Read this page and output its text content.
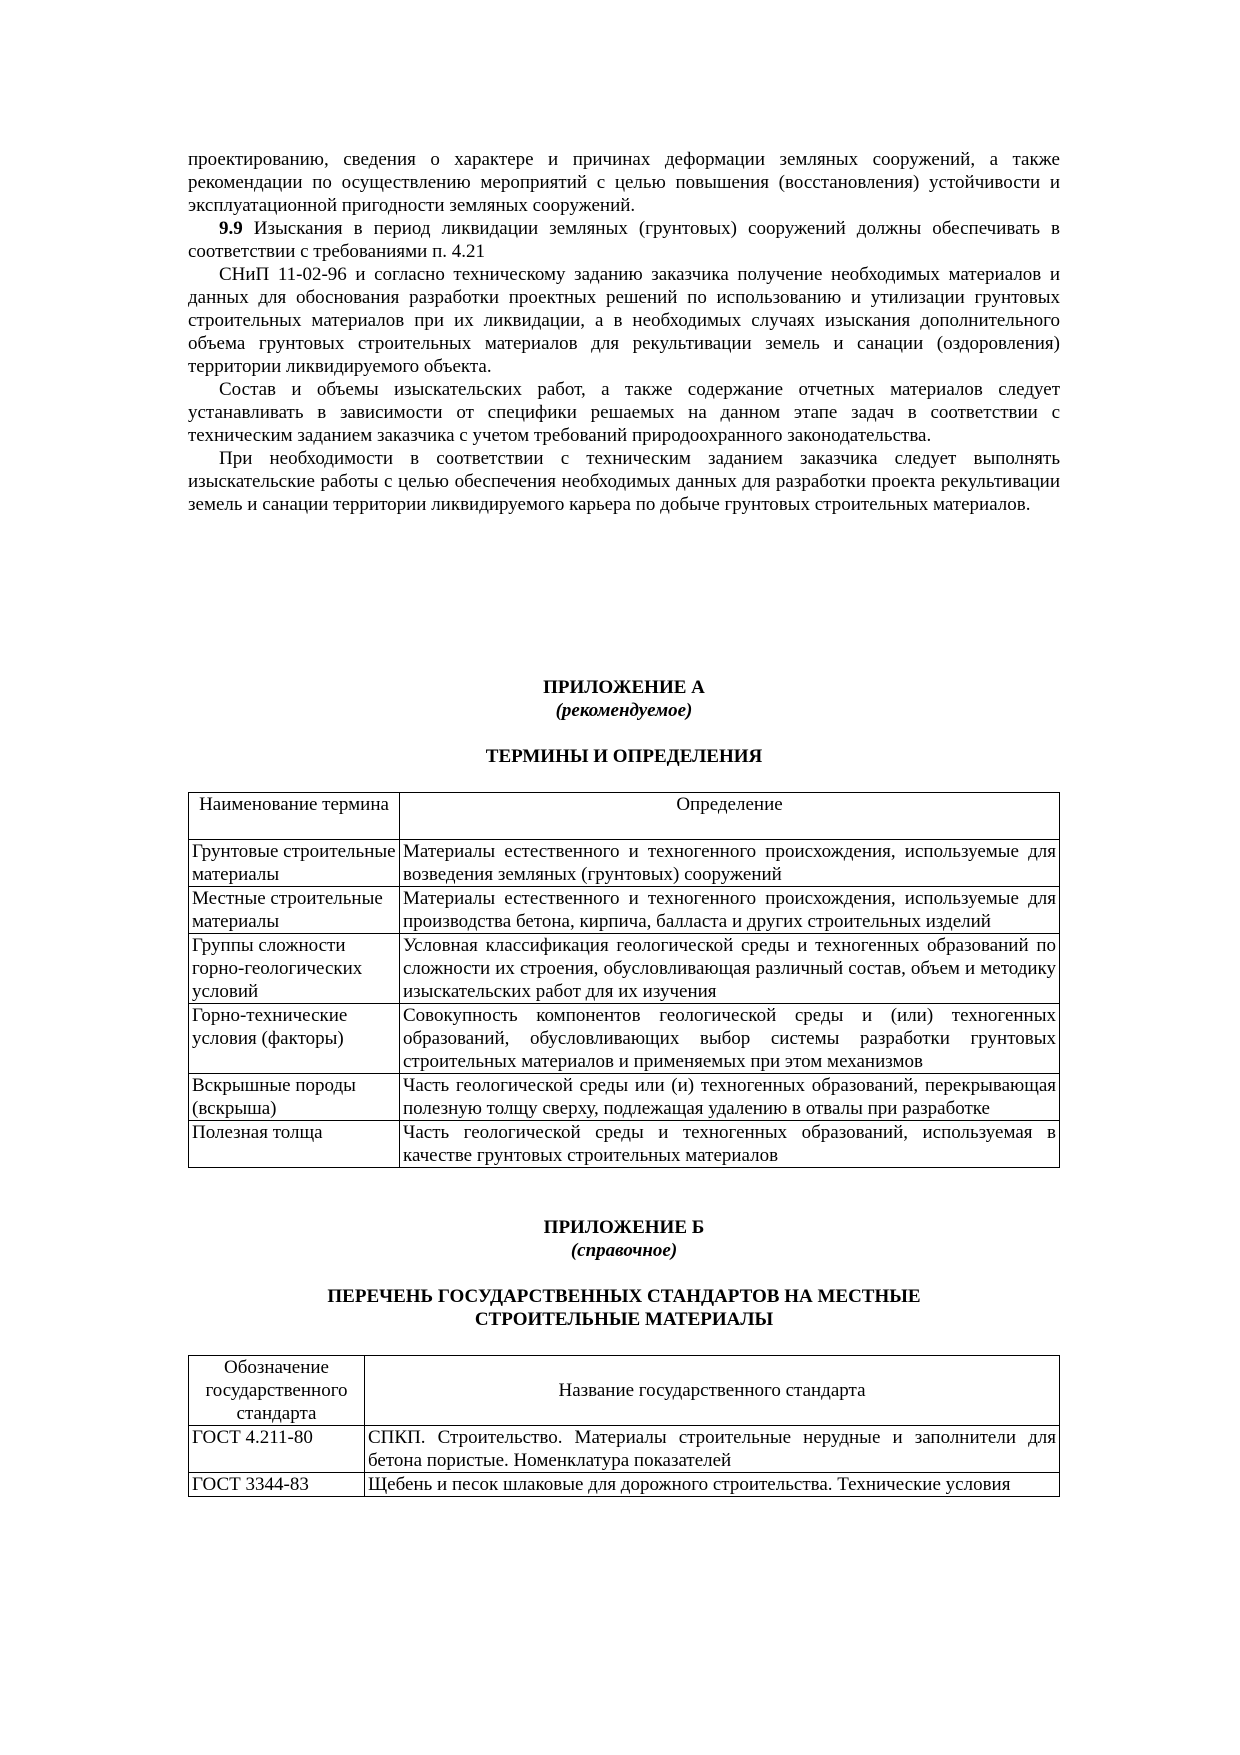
проектированию, сведения о характере и причинах деформации земляных сооружений, а также рекомендации по осуществлению мероприятий с целью повышения (восстановления) устойчивости и эксплуатационной пригодности земляных сооружений.

9.9 Изыскания в период ликвидации земляных (грунтовых) сооружений должны обеспечивать в соответствии с требованиями п. 4.21

СНиП 11-02-96 и согласно техническому заданию заказчика получение необходимых материалов и данных для обоснования разработки проектных решений по использованию и утилизации грунтовых строительных материалов при их ликвидации, а в необходимых случаях изыскания дополнительного объема грунтовых строительных материалов для рекультивации земель и санации (оздоровления) территории ликвидируемого объекта.

Состав и объемы изыскательских работ, а также содержание отчетных материалов следует устанавливать в зависимости от специфики решаемых на данном этапе задач в соответствии с техническим заданием заказчика с учетом требований природоохранного законодательства.

При необходимости в соответствии с техническим заданием заказчика следует выполнять изыскательские работы с целью обеспечения необходимых данных для разработки проекта рекультивации земель и санации территории ликвидируемого карьера по добыче грунтовых строительных материалов.

ПРИЛОЖЕНИЕ А
(рекомендуемое)
ТЕРМИНЫ И ОПРЕДЕЛЕНИЯ
Наименование термина	Определение
Грунтовые строительные материалы	Материалы естественного и техногенного происхождения, используемые для возведения земляных (грунтовых) сооружений
Местные строительные материалы	Материалы естественного и техногенного происхождения, используемые для производства бетона, кирпича, балласта и других строительных изделий
Группы сложности горно-геологических условий	Условная классификация геологической среды и техногенных образований по сложности их строения, обусловливающая различный состав, объем и методику изыскательских работ для их изучения
Горно-технические условия (факторы)	Совокупность компонентов геологической среды и (или) техногенных образований, обусловливающих выбор системы разработки грунтовых строительных материалов и применяемых при этом механизмов
Вскрышные породы (вскрыша)	Часть геологической среды или (и) техногенных образований, перекрывающая полезную толщу сверху, подлежащая удалению в отвалы при разработке
Полезная толща	Часть геологической среды и техногенных образований, используемая в качестве грунтовых строительных материалов
ПРИЛОЖЕНИЕ Б
(справочное)
ПЕРЕЧЕНЬ ГОСУДАРСТВЕННЫХ СТАНДАРТОВ НА МЕСТНЫЕ
СТРОИТЕЛЬНЫЕ МАТЕРИАЛЫ
Обозначение государственного стандарта	Название государственного стандарта
ГОСТ 4.211-80	СПКП. Строительство. Материалы строительные нерудные и заполнители для бетона пористые. Номенклатура показателей
ГОСТ 3344-83	Щебень и песок шлаковые для дорожного строительства. Технические условия
